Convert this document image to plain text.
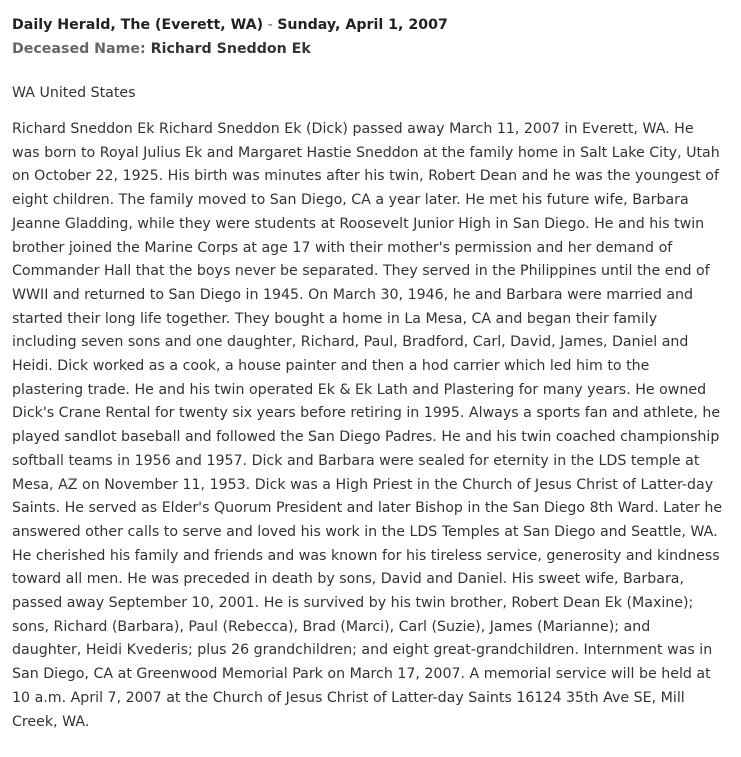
Daily Herald, The (Everett, WA) - Sunday, April 1, 2007
Deceased Name: Richard Sneddon Ek
WA United States

Richard Sneddon Ek Richard Sneddon Ek (Dick) passed away March 11, 2007 in Everett, WA. He was born to Royal Julius Ek and Margaret Hastie Sneddon at the family home in Salt Lake City, Utah on October 22, 1925. His birth was minutes after his twin, Robert Dean and he was the youngest of eight children. The family moved to San Diego, CA a year later. He met his future wife, Barbara Jeanne Gladding, while they were students at Roosevelt Junior High in San Diego. He and his twin brother joined the Marine Corps at age 17 with their mother's permission and her demand of Commander Hall that the boys never be separated. They served in the Philippines until the end of WWII and returned to San Diego in 1945. On March 30, 1946, he and Barbara were married and started their long life together. They bought a home in La Mesa, CA and began their family including seven sons and one daughter, Richard, Paul, Bradford, Carl, David, James, Daniel and Heidi. Dick worked as a cook, a house painter and then a hod carrier which led him to the plastering trade. He and his twin operated Ek & Ek Lath and Plastering for many years. He owned Dick's Crane Rental for twenty six years before retiring in 1995. Always a sports fan and athlete, he played sandlot baseball and followed the San Diego Padres. He and his twin coached championship softball teams in 1956 and 1957. Dick and Barbara were sealed for eternity in the LDS temple at Mesa, AZ on November 11, 1953. Dick was a High Priest in the Church of Jesus Christ of Latter-day Saints. He served as Elder's Quorum President and later Bishop in the San Diego 8th Ward. Later he answered other calls to serve and loved his work in the LDS Temples at San Diego and Seattle, WA. He cherished his family and friends and was known for his tireless service, generosity and kindness toward all men. He was preceded in death by sons, David and Daniel. His sweet wife, Barbara, passed away September 10, 2001. He is survived by his twin brother, Robert Dean Ek (Maxine); sons, Richard (Barbara), Paul (Rebecca), Brad (Marci), Carl (Suzie), James (Marianne); and daughter, Heidi Kvederis; plus 26 grandchildren; and eight great-grandchildren. Internment was in San Diego, CA at Greenwood Memorial Park on March 17, 2007. A memorial service will be held at 10 a.m. April 7, 2007 at the Church of Jesus Christ of Latter-day Saints 16124 35th Ave SE, Mill Creek, WA.
